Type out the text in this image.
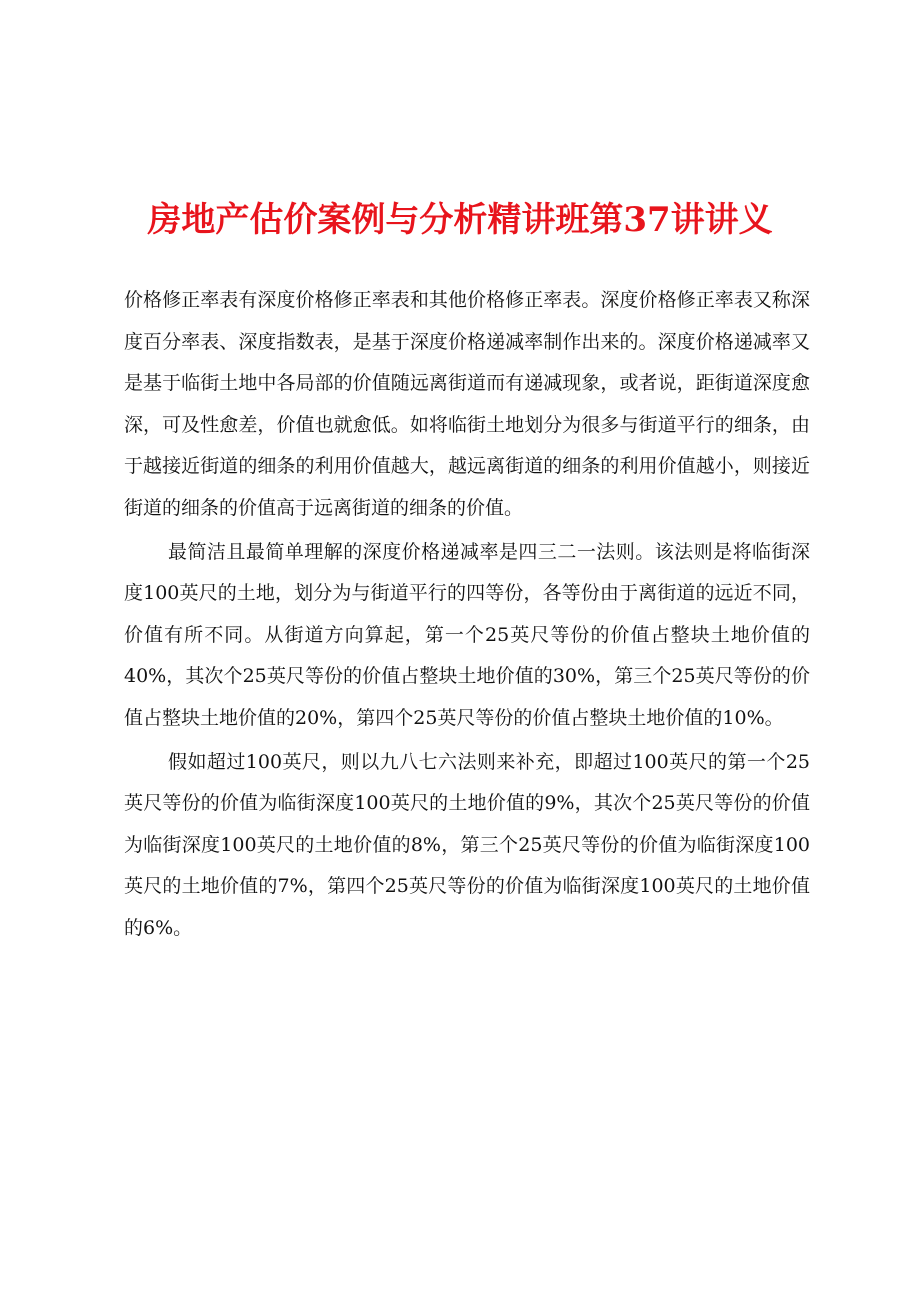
房地产估价案例与分析精讲班第37讲讲义

价格修正率表有深度价格修正率表和其他价格修正率表。深度价格修正率表又称深度百分率表、深度指数表，是基于深度价格递减率制作出来的。深度价格递减率又是基于临街土地中各局部的价值随远离街道而有递减现象，或者说，距街道深度愈深，可及性愈差，价值也就愈低。如将临街土地划分为很多与街道平行的细条，由于越接近街道的细条的利用价值越大，越远离街道的细条的利用价值越小，则接近街道的细条的价值高于远离街道的细条的价值。

最简洁且最简单理解的深度价格递减率是四三二一法则。该法则是将临街深度100英尺的土地，划分为与街道平行的四等份，各等份由于离街道的远近不同，价值有所不同。从街道方向算起，第一个25英尺等份的价值占整块土地价值的40%，其次个25英尺等份的价值占整块土地价值的30%，第三个25英尺等份的价值占整块土地价值的20%，第四个25英尺等份的价值占整块土地价值的10%。

假如超过100英尺，则以九八七六法则来补充，即超过100英尺的第一个25英尺等份的价值为临街深度100英尺的土地价值的9%，其次个25英尺等份的价值为临街深度100英尺的土地价值的8%，第三个25英尺等份的价值为临街深度100英尺的土地价值的7%，第四个25英尺等份的价值为临街深度100英尺的土地价值的6%。
